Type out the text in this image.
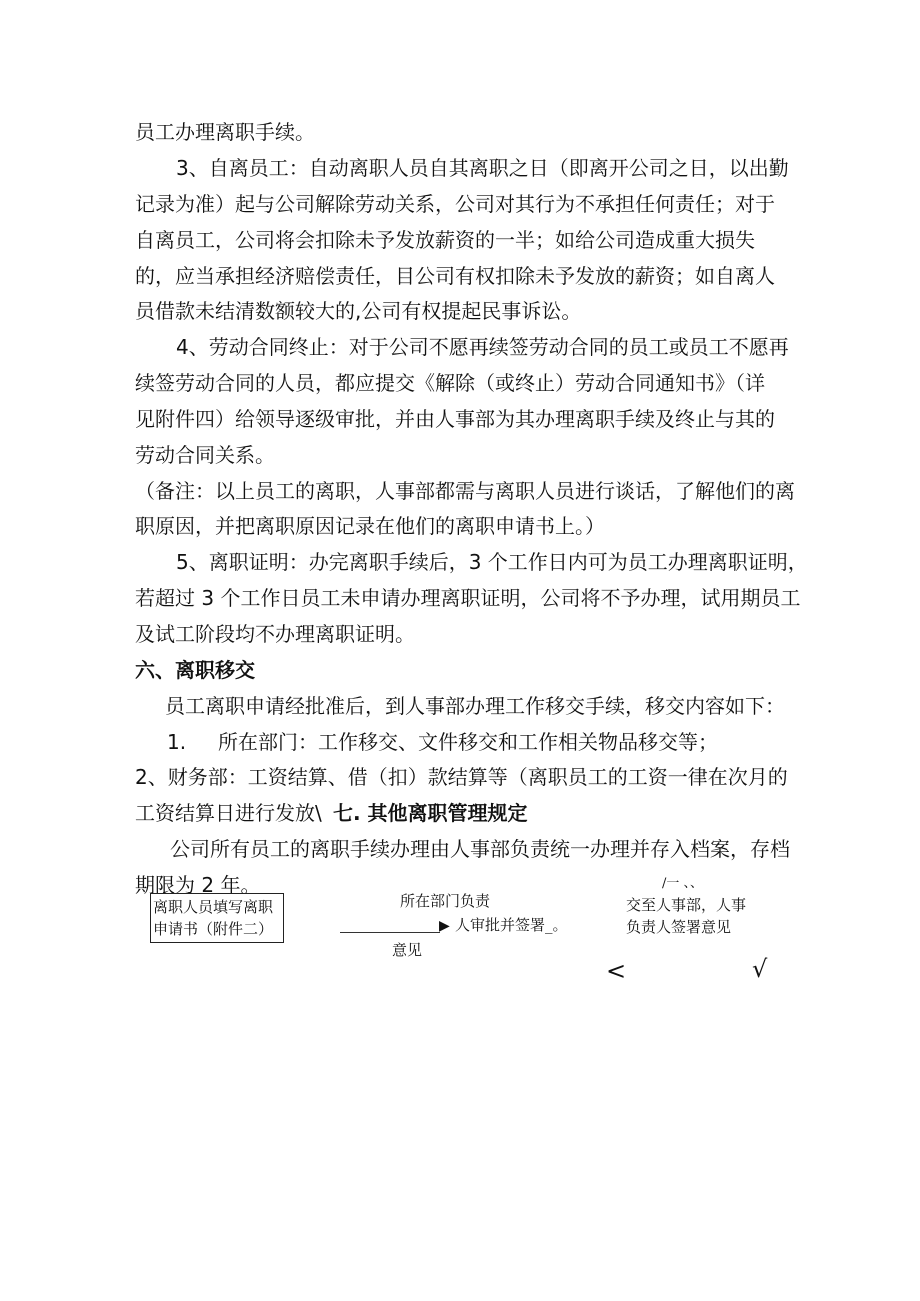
员工办理离职手续。
3、自离员工：自动离职人员自其离职之日（即离开公司之日，以出勤
记录为准）起与公司解除劳动关系，公司对其行为不承担任何责任；对于
自离员工，公司将会扣除未予发放薪资的一半；如给公司造成重大损失
的，应当承担经济赔偿责任，目公司有权扣除未予发放的薪资；如自离人
员借款未结清数额较大的,公司有权提起民事诉讼。
4、劳动合同终止：对于公司不愿再续签劳动合同的员工或员工不愿再
续签劳动合同的人员，都应提交《解除（或终止）劳动合同通知书》（详
见附件四）给领导逐级审批，并由人事部为其办理离职手续及终止与其的
劳动合同关系。
（备注：以上员工的离职，人事部都需与离职人员进行谈话，了解他们的离
职原因，并把离职原因记录在他们的离职申请书上。）
5、离职证明：办完离职手续后，3 个工作日内可为员工办理离职证明，
若超过 3 个工作日员工未申请办理离职证明，公司将不予办理，试用期员工
及试工阶段均不办理离职证明。
六、离职移交
员工离职申请经批准后，到人事部办理工作移交手续，移交内容如下：
1. 所在部门：工作移交、文件移交和工作相关物品移交等；
2、财务部：工资结算、借（扣）款结算等（离职员工的工资一律在次月的
工资结算日进行发放\ 七. 其他离职管理规定
公司所有员工的离职手续办理由人事部负责统一办理并存入档案，存档
期限为 2 年。
离职人员填写离职
申请书（附件二）
所在部门负责
▶ 人审批并签署_。
意见
/一 、、
交至人事部，人事
负责人签署意见
<	√
